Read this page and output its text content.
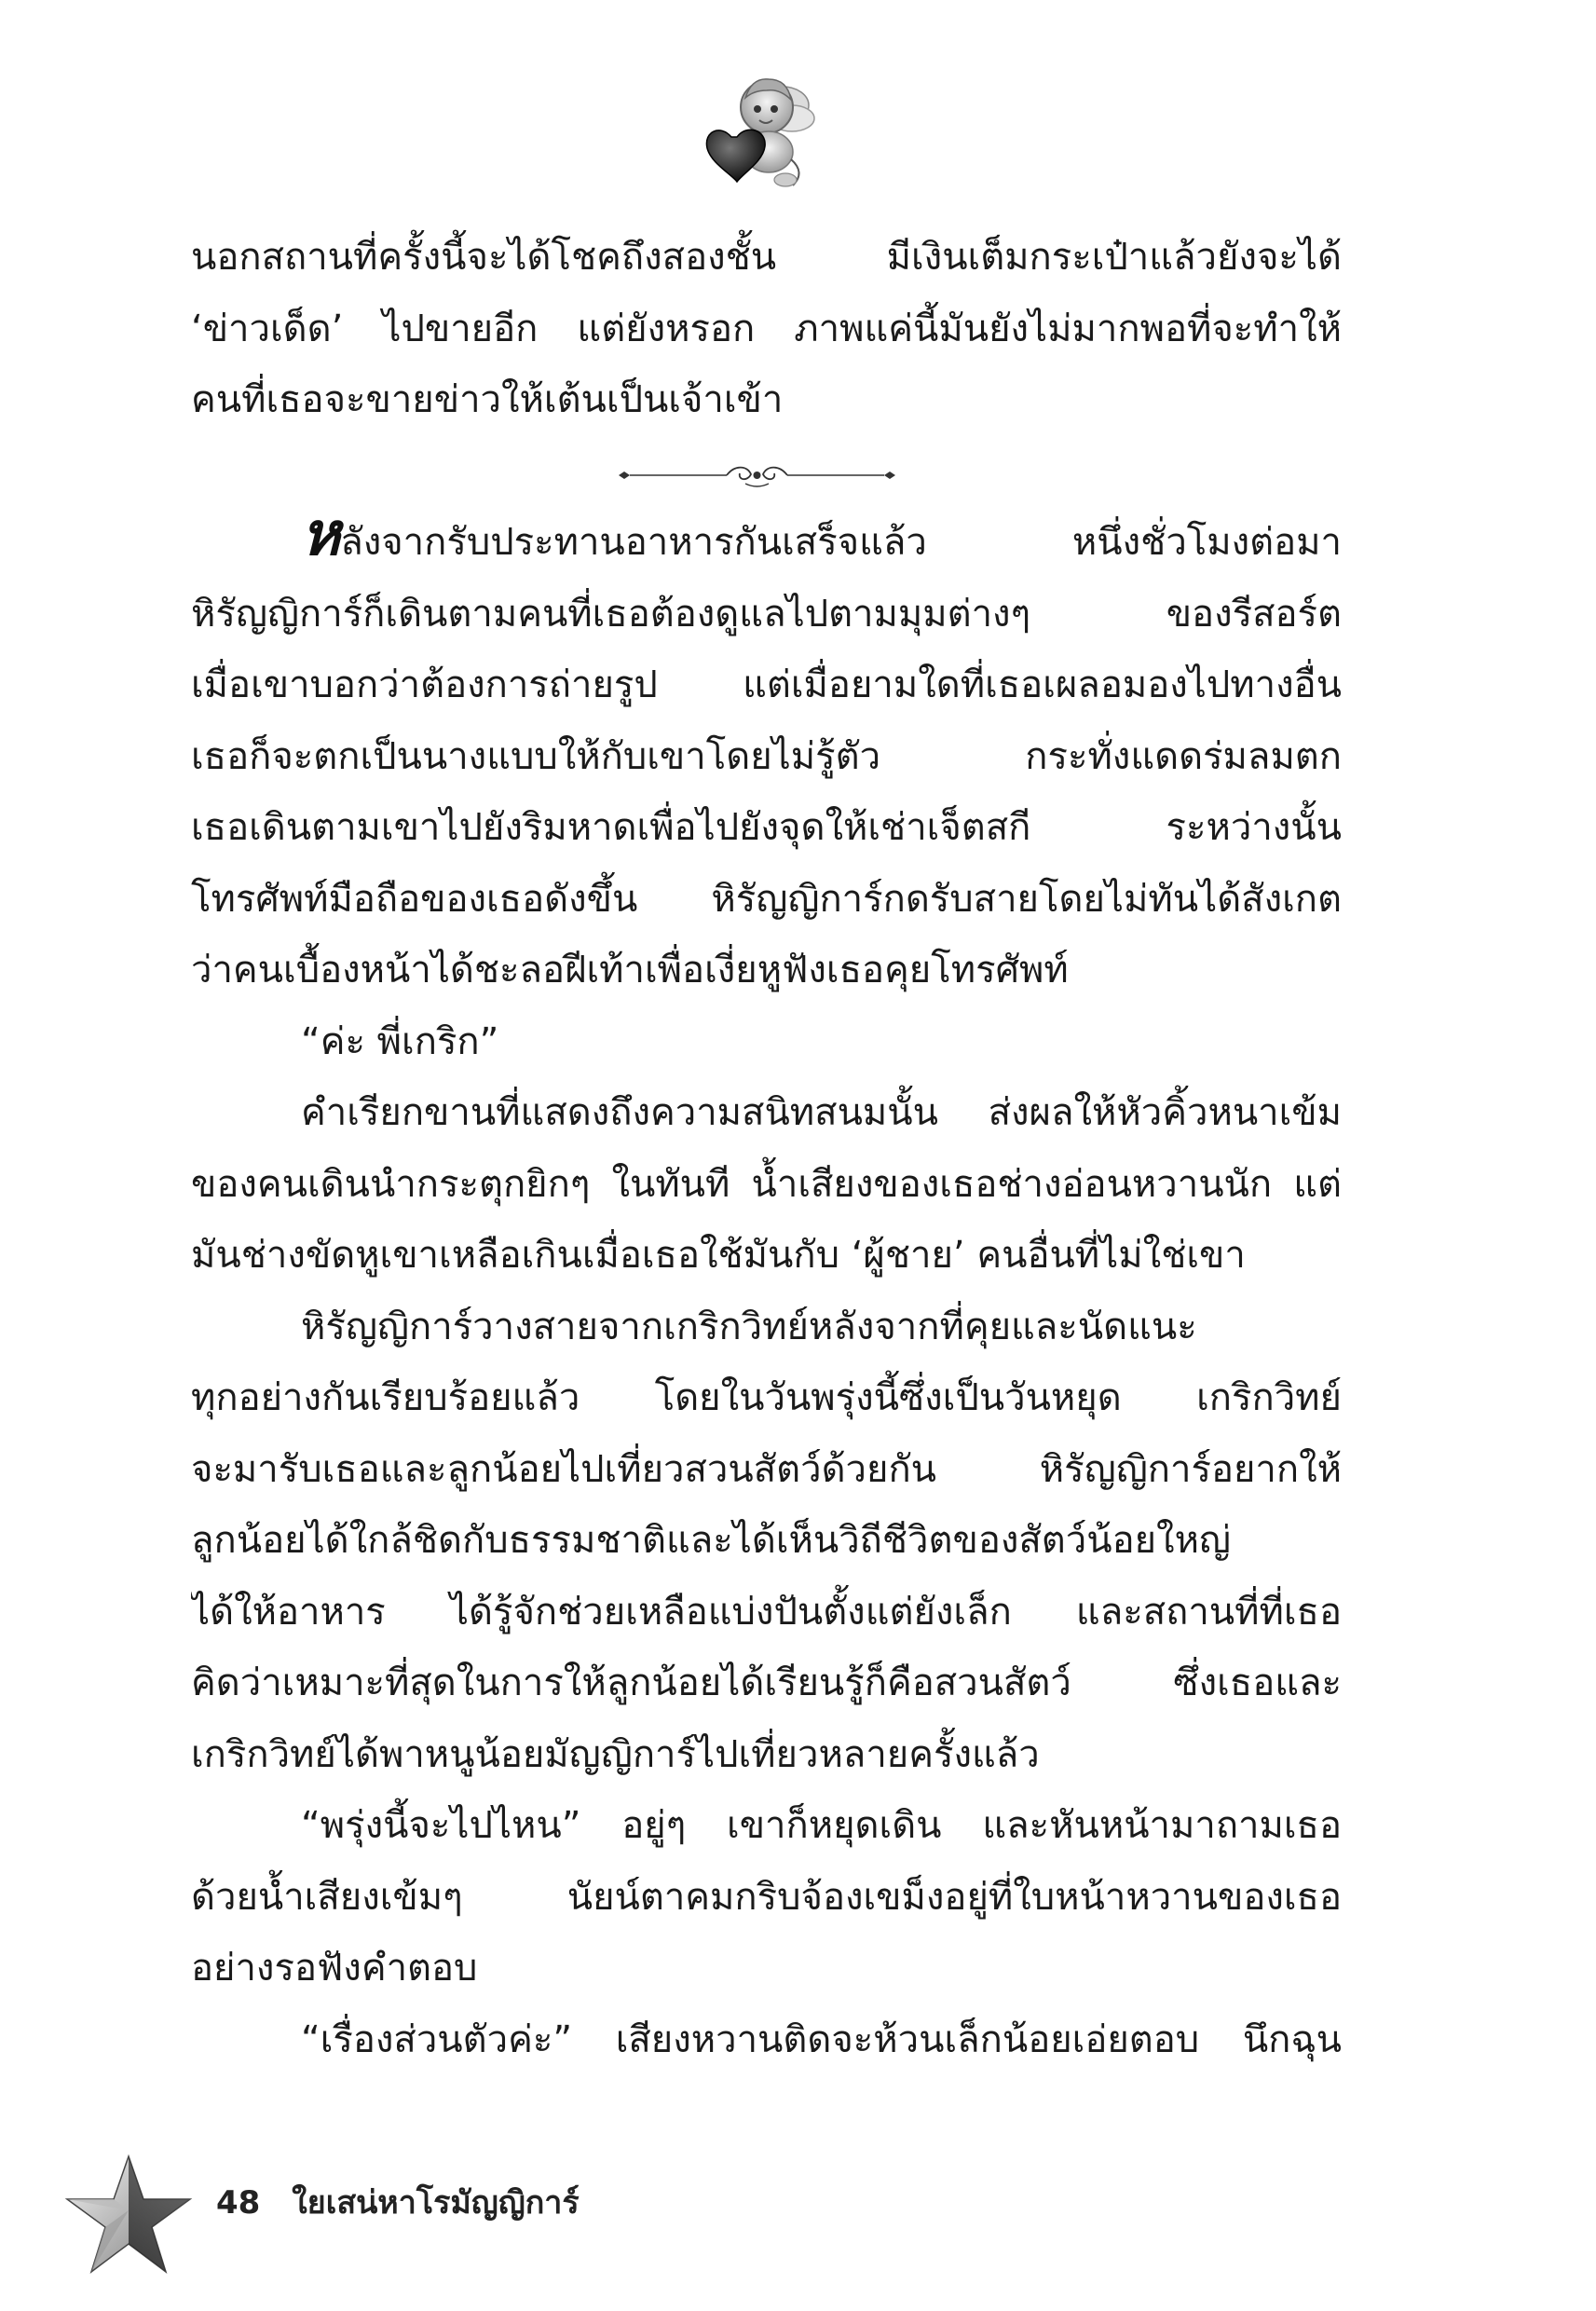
นอกสถานที่ครั้งนี้จะได้โชคถึงสองชั้น มีเงินเต็มกระเป๋าแล้วยังจะได้
‘ข่าวเด็ด’ ไปขายอีก แต่ยังหรอก ภาพแค่นี้มันยังไม่มากพอที่จะทำให้
คนที่เธอจะขายข่าวให้เต้นเป็นเจ้าเข้า
หลังจากรับประทานอาหารกันเสร็จแล้ว หนึ่งชั่วโมงต่อมา
หิรัญญิการ์ก็เดินตามคนที่เธอต้องดูแลไปตามมุมต่างๆ ของรีสอร์ต
เมื่อเขาบอกว่าต้องการถ่ายรูป แต่เมื่อยามใดที่เธอเผลอมองไปทางอื่น
เธอก็จะตกเป็นนางแบบให้กับเขาโดยไม่รู้ตัว กระทั่งแดดร่มลมตก
เธอเดินตามเขาไปยังริมหาดเพื่อไปยังจุดให้เช่าเจ็ตสกี ระหว่างนั้น
โทรศัพท์มือถือของเธอดังขึ้น หิรัญญิการ์กดรับสายโดยไม่ทันได้สังเกต
ว่าคนเบื้องหน้าได้ชะลอฝีเท้าเพื่อเงี่ยหูฟังเธอคุยโทรศัพท์
“ค่ะ พี่เกริก”
คำเรียกขานที่แสดงถึงความสนิทสนมนั้น ส่งผลให้หัวคิ้วหนาเข้ม
ของคนเดินนำกระตุกยิกๆ ในทันที น้ำเสียงของเธอช่างอ่อนหวานนัก แต่
มันช่างขัดหูเขาเหลือเกินเมื่อเธอใช้มันกับ ‘ผู้ชาย’ คนอื่นที่ไม่ใช่เขา
หิรัญญิการ์วางสายจากเกริกวิทย์หลังจากที่คุยและนัดแนะ
ทุกอย่างกันเรียบร้อยแล้ว โดยในวันพรุ่งนี้ซึ่งเป็นวันหยุด เกริกวิทย์
จะมารับเธอและลูกน้อยไปเที่ยวสวนสัตว์ด้วยกัน หิรัญญิการ์อยากให้
ลูกน้อยได้ใกล้ชิดกับธรรมชาติและได้เห็นวิถีชีวิตของสัตว์น้อยใหญ่
ได้ให้อาหาร ได้รู้จักช่วยเหลือแบ่งปันตั้งแต่ยังเล็ก และสถานที่ที่เธอ
คิดว่าเหมาะที่สุดในการให้ลูกน้อยได้เรียนรู้ก็คือสวนสัตว์ ซึ่งเธอและ
เกริกวิทย์ได้พาหนูน้อยมัญญิการ์ไปเที่ยวหลายครั้งแล้ว
“พรุ่งนี้จะไปไหน” อยู่ๆ เขาก็หยุดเดิน และหันหน้ามาถามเธอ
ด้วยน้ำเสียงเข้มๆ นัยน์ตาคมกริบจ้องเขม็งอยู่ที่ใบหน้าหวานของเธอ
อย่างรอฟังคำตอบ
“เรื่องส่วนตัวค่ะ” เสียงหวานติดจะห้วนเล็กน้อยเอ่ยตอบ นึกฉุน
48 ใยเสน่หาโรมัญญิการ์
